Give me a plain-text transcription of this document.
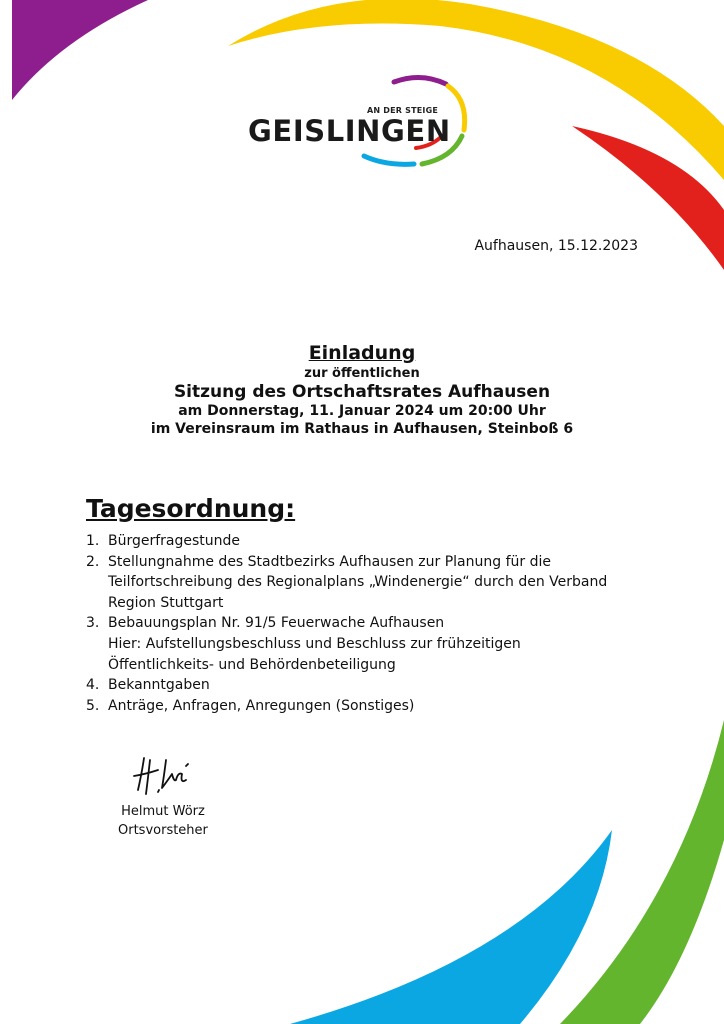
AN DER STEIGE
GEISLINGEN
Aufhausen, 15.12.2023
Einladung
zur öffentlichen
Sitzung des Ortschaftsrates Aufhausen
am Donnerstag, 11. Januar 2024 um 20:00 Uhr
im Vereinsraum im Rathaus in Aufhausen, Steinboß 6
Tagesordnung:
1. Bürgerfragestunde
2. Stellungnahme des Stadtbezirks Aufhausen zur Planung für die
Teilfortschreibung des Regionalplans „Windenergie“ durch den Verband
Region Stuttgart
3. Bebauungsplan Nr. 91/5 Feuerwache Aufhausen
Hier: Aufstellungsbeschluss und Beschluss zur frühzeitigen
Öffentlichkeits- und Behördenbeteiligung
4. Bekanntgaben
5. Anträge, Anfragen, Anregungen (Sonstiges)
Helmut Wörz
Ortsvorsteher
